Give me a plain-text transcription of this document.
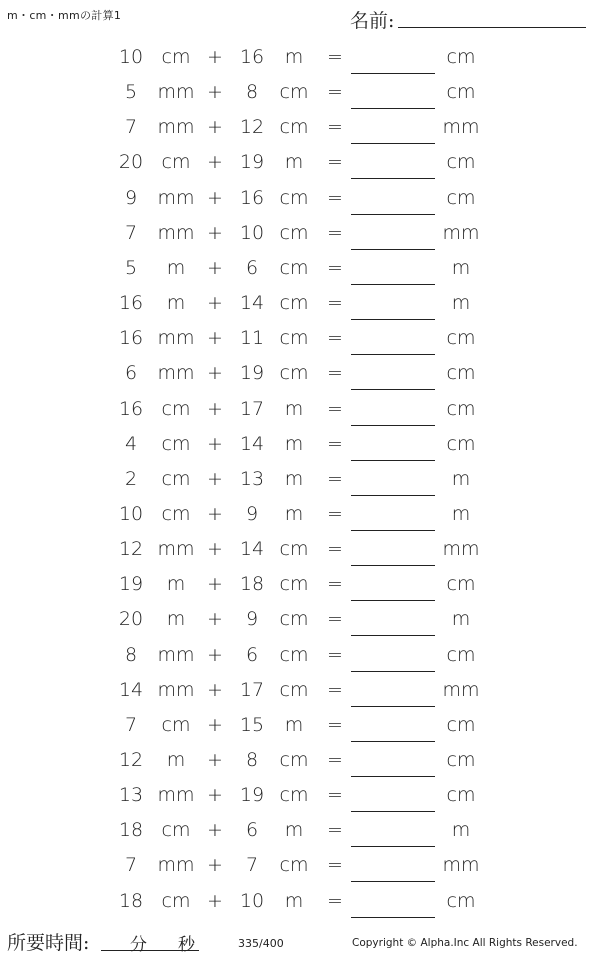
m・cm・mmの計算1	名前:
10 cm + 16	m	=	cm
5	mm +	8	cm =	cm
7	mm + 12 cm =	mm
20 cm + 19	m	=	cm
9	mm + 16 cm =	cm
7	mm + 10 cm =	mm
5	m	+	6	cm =	m
16	m	+ 14 cm =	m
16 mm + 11 cm =	cm
6	mm + 19 cm =	cm
16 cm + 17	m	=	cm
4	cm + 14	m	=	cm
2	cm + 13	m	=	m
10 cm +	9	m	=	m
12 mm + 14 cm =	mm
19	m	+ 18 cm =	cm
20	m	+	9	cm =	m
8	mm +	6	cm =	cm
14 mm + 17 cm =	mm
7	cm + 15	m	=	cm
12	m	+	8	cm =	cm
13 mm + 19 cm =	cm
18 cm +	6	m	=	m
7	mm +	7	cm =	mm
18 cm + 10	m	=	cm
所要時間: 分 秒	335/400	Copyright © Alpha.Inc All Rights Reserved.
